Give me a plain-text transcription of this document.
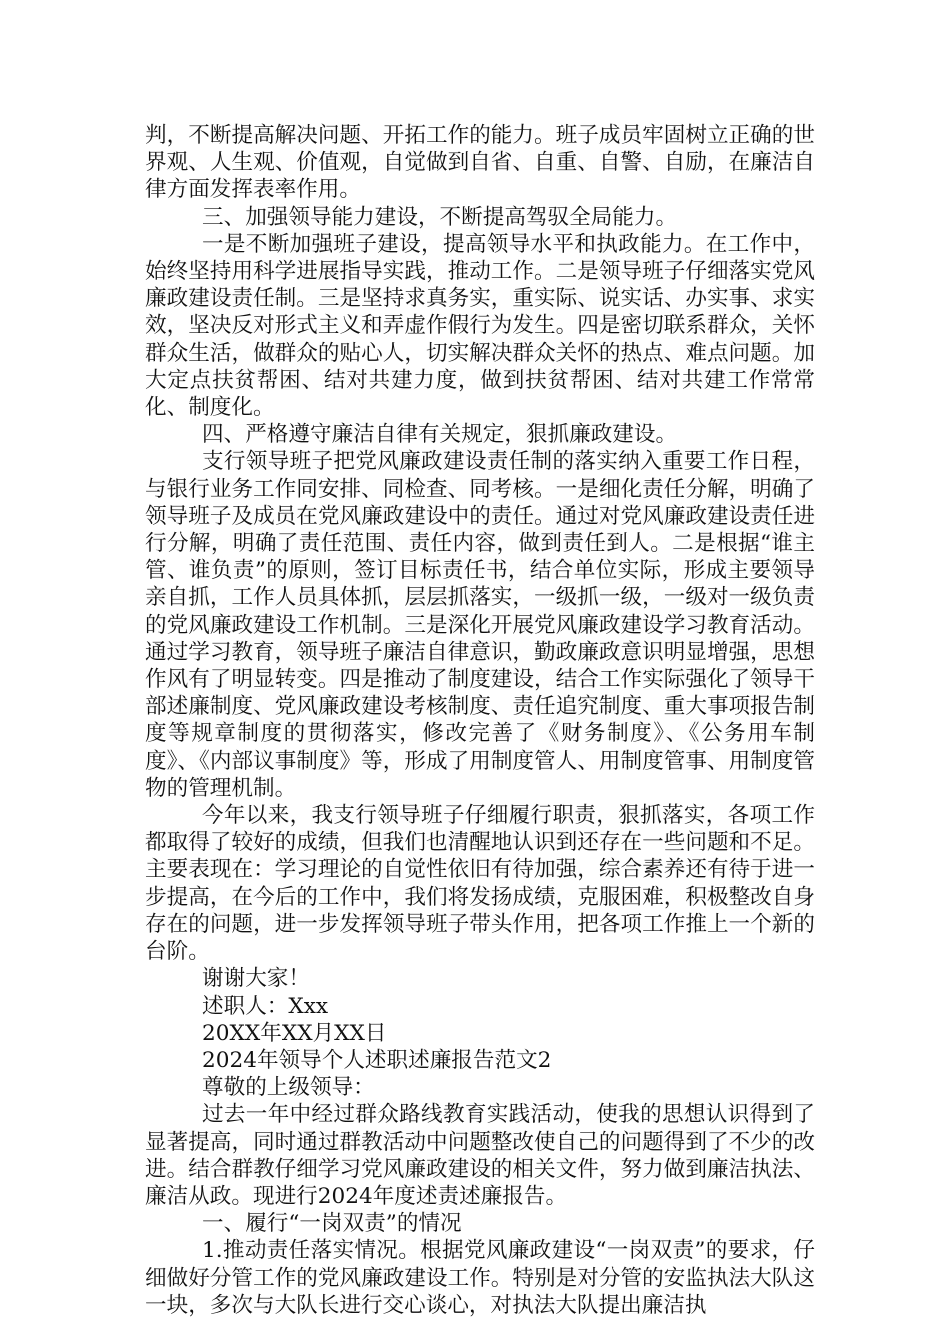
判，不断提高解决问题、开拓工作的能力。班子成员牢固树立正确的世界观、人生观、价值观，自觉做到自省、自重、自警、自励，在廉洁自律方面发挥表率作用。

三、加强领导能力建设，不断提高驾驭全局能力。

一是不断加强班子建设，提高领导水平和执政能力。在工作中，始终坚持用科学进展指导实践，推动工作。二是领导班子仔细落实党风廉政建设责任制。三是坚持求真务实，重实际、说实话、办实事、求实效，坚决反对形式主义和弄虚作假行为发生。四是密切联系群众，关怀群众生活，做群众的贴心人，切实解决群众关怀的热点、难点问题。加大定点扶贫帮困、结对共建力度，做到扶贫帮困、结对共建工作常常化、制度化。

四、严格遵守廉洁自律有关规定，狠抓廉政建设。

支行领导班子把党风廉政建设责任制的落实纳入重要工作日程，与银行业务工作同安排、同检查、同考核。一是细化责任分解，明确了领导班子及成员在党风廉政建设中的责任。通过对党风廉政建设责任进行分解，明确了责任范围、责任内容，做到责任到人。二是根据“谁主管、谁负责”的原则，签订目标责任书，结合单位实际，形成主要领导亲自抓，工作人员具体抓，层层抓落实，一级抓一级，一级对一级负责的党风廉政建设工作机制。三是深化开展党风廉政建设学习教育活动。通过学习教育，领导班子廉洁自律意识，勤政廉政意识明显增强，思想作风有了明显转变。四是推动了制度建设，结合工作实际强化了领导干部述廉制度、党风廉政建设考核制度、责任追究制度、重大事项报告制度等规章制度的贯彻落实，修改完善了《财务制度》、《公务用车制度》、《内部议事制度》等，形成了用制度管人、用制度管事、用制度管物的管理机制。

今年以来，我支行领导班子仔细履行职责，狠抓落实，各项工作都取得了较好的成绩，但我们也清醒地认识到还存在一些问题和不足。主要表现在：学习理论的自觉性依旧有待加强，综合素养还有待于进一步提高，在今后的工作中，我们将发扬成绩，克服困难，积极整改自身存在的问题，进一步发挥领导班子带头作用，把各项工作推上一个新的台阶。

谢谢大家！

述职人：Xxx

20XX年XX月XX日

2024年领导个人述职述廉报告范文2

尊敬的上级领导：

过去一年中经过群众路线教育实践活动，使我的思想认识得到了显著提高，同时通过群教活动中问题整改使自己的问题得到了不少的改进。结合群教仔细学习党风廉政建设的相关文件，努力做到廉洁执法、廉洁从政。现进行2024年度述责述廉报告。

一、履行“一岗双责”的情况

1.推动责任落实情况。根据党风廉政建设“一岗双责”的要求，仔细做好分管工作的党风廉政建设工作。特别是对分管的安监执法大队这一块，多次与大队长进行交心谈心，对执法大队提出廉洁执
